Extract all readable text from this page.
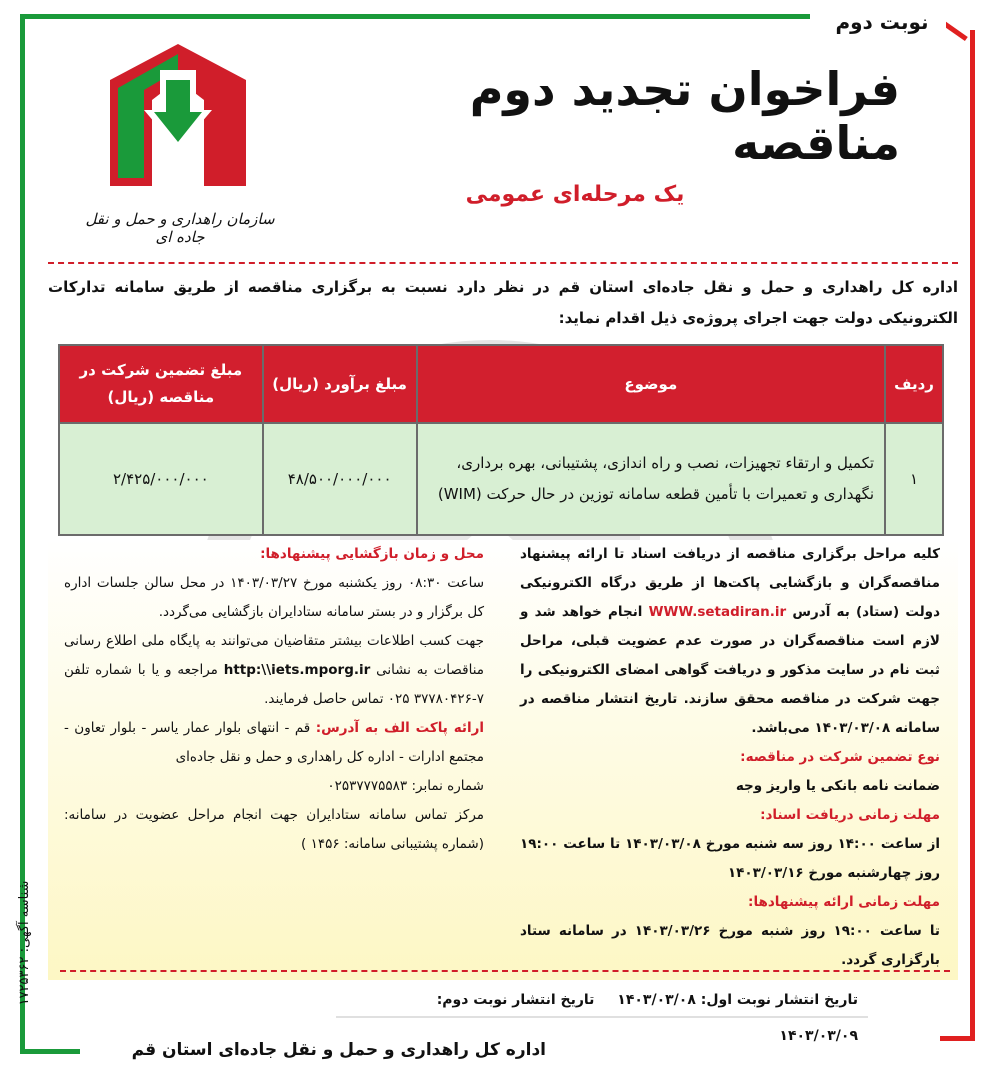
نوبت دوم
سازمان راهداری و حمل و نقل جاده ای
فراخوان تجدید دوم مناقصه
یک مرحله‌ای عمومی
اداره کل راهداری و حمل و نقل جاده‌ای استان قم در نظر دارد نسبت به برگزاری مناقصه از طریق سامانه تدارکات الکترونیکی دولت جهت اجرای پروژه‌ی ذیل اقدام نماید:
ردیف	موضوع	مبلغ برآورد (ریال)	مبلغ تضمین شرکت در مناقصه (ریال)
۱	تکمیل و ارتقاء تجهیزات، نصب و راه اندازی، پشتیبانی، بهره برداری، نگهداری و تعمیرات با تأمین قطعه سامانه توزین در حال حرکت (WIM)	۴۸/۵۰۰/۰۰۰/۰۰۰	۲/۴۲۵/۰۰۰/۰۰۰
کلیه مراحل برگزاری مناقصه از دریافت اسناد تا ارائه پیشنهاد مناقصه‌گران و بازگشایی پاکت‌ها از طریق درگاه الکترونیکی دولت (ستاد) به آدرس WWW.setadiran.ir انجام خواهد شد و لازم است مناقصه‌گران در صورت عدم عضویت قبلی، مراحل ثبت نام در سایت مذکور و دریافت گواهی امضای الکترونیکی را جهت شرکت در مناقصه محقق سازند. تاریخ انتشار مناقصه در سامانه ۱۴۰۳/۰۳/۰۸ می‌باشد.
نوع تضمین شرکت در مناقصه:
ضمانت نامه بانکی یا واریز وجه
مهلت زمانی دریافت اسناد:
از ساعت ۱۴:۰۰ روز سه شنبه مورخ ۱۴۰۳/۰۳/۰۸ تا ساعت ۱۹:۰۰ روز چهارشنبه مورخ ۱۴۰۳/۰۳/۱۶
مهلت زمانی ارائه پیشنهادها:
تا ساعت ۱۹:۰۰ روز شنبه مورخ ۱۴۰۳/۰۳/۲۶ در سامانه ستاد بارگزاری گردد.
محل و زمان بازگشایی پیشنهادها:
ساعت ۰۸:۳۰ روز یکشنبه مورخ ۱۴۰۳/۰۳/۲۷ در محل سالن جلسات اداره کل برگزار و در بستر سامانه ستادایران بازگشایی می‌گردد.
جهت کسب اطلاعات بیشتر متقاضیان می‌توانند به پایگاه ملی اطلاع رسانی مناقصات به نشانی http:\\iets.mporg.ir مراجعه و یا با شماره تلفن ۷-۳۷۷۸۰۴۲۶ ۰۲۵ تماس حاصل فرمایند.
ارائه پاکت الف به آدرس: قم - انتهای بلوار عمار یاسر - بلوار تعاون - مجتمع ادارات - اداره کل راهداری و حمل و نقل جاده‌ای
شماره نمابر: ۰۲۵۳۷۷۷۵۵۸۳
مرکز تماس سامانه ستادایران جهت انجام مراحل عضویت در سامانه: (شماره پشتیبانی سامانه: ۱۴۵۶ )
تاریخ انتشار نوبت اول: ۱۴۰۳/۰۳/۰۸ تاریخ انتشار نوبت دوم: ۱۴۰۳/۰۳/۰۹
اداره کل راهداری و حمل و نقل جاده‌ای استان قم
شناسه آگهی: ۱۷۲۵۳۶۲
